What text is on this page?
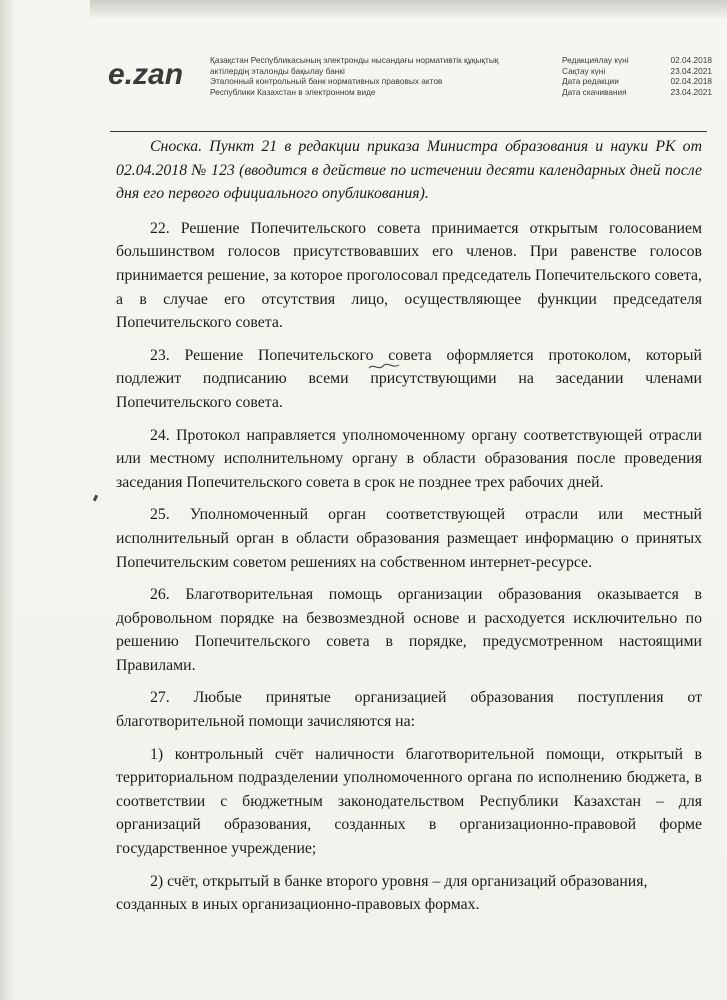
e.zan	Қазақстан Республикасының электронды нысандағы нормативтік құқықтық
актілердің эталонды бақылау банкі
Эталонный контрольный банк нормативных правовых актов
Республики Казахстан в электронном виде
Редакциялау күні	02.04.2018
Сақтау күні	23.04.2021
Дата редакции	02.04.2018
Дата скачивания	23.04.2021

Сноска. Пункт 21 в редакции приказа Министра образования и науки РК от 02.04.2018 № 123 (вводится в действие по истечении десяти календарных дней после дня его первого официального опубликования).

22. Решение Попечительского совета принимается открытым голосованием большинством голосов присутствовавших его членов. При равенстве голосов принимается решение, за которое проголосовал председатель Попечительского совета, а в случае его отсутствия лицо, осуществляющее функции председателя Попечительского совета.

23. Решение Попечительского совета оформляется протоколом, который подлежит подписанию всеми присутствующими на заседании членами Попечительского совета.

24. Протокол направляется уполномоченному органу соответствующей отрасли или местному исполнительному органу в области образования после проведения заседания Попечительского совета в срок не позднее трех рабочих дней.

25. Уполномоченный орган соответствующей отрасли или местный исполнительный орган в области образования размещает информацию о принятых Попечительским советом решениях на собственном интернет-ресурсе.

26. Благотворительная помощь организации образования оказывается в добровольном порядке на безвозмездной основе и расходуется исключительно по решению Попечительского совета в порядке, предусмотренном настоящими Правилами.

27. Любые принятые организацией образования поступления от благотворительной помощи зачисляются на:

1) контрольный счёт наличности благотворительной помощи, открытый в территориальном подразделении уполномоченного органа по исполнению бюджета, в соответствии с бюджетным законодательством Республики Казахстан – для организаций образования, созданных в организационно-правовой форме государственное учреждение;

2) счёт, открытый в банке второго уровня – для организаций образования, созданных в иных организационно-правовых формах.
